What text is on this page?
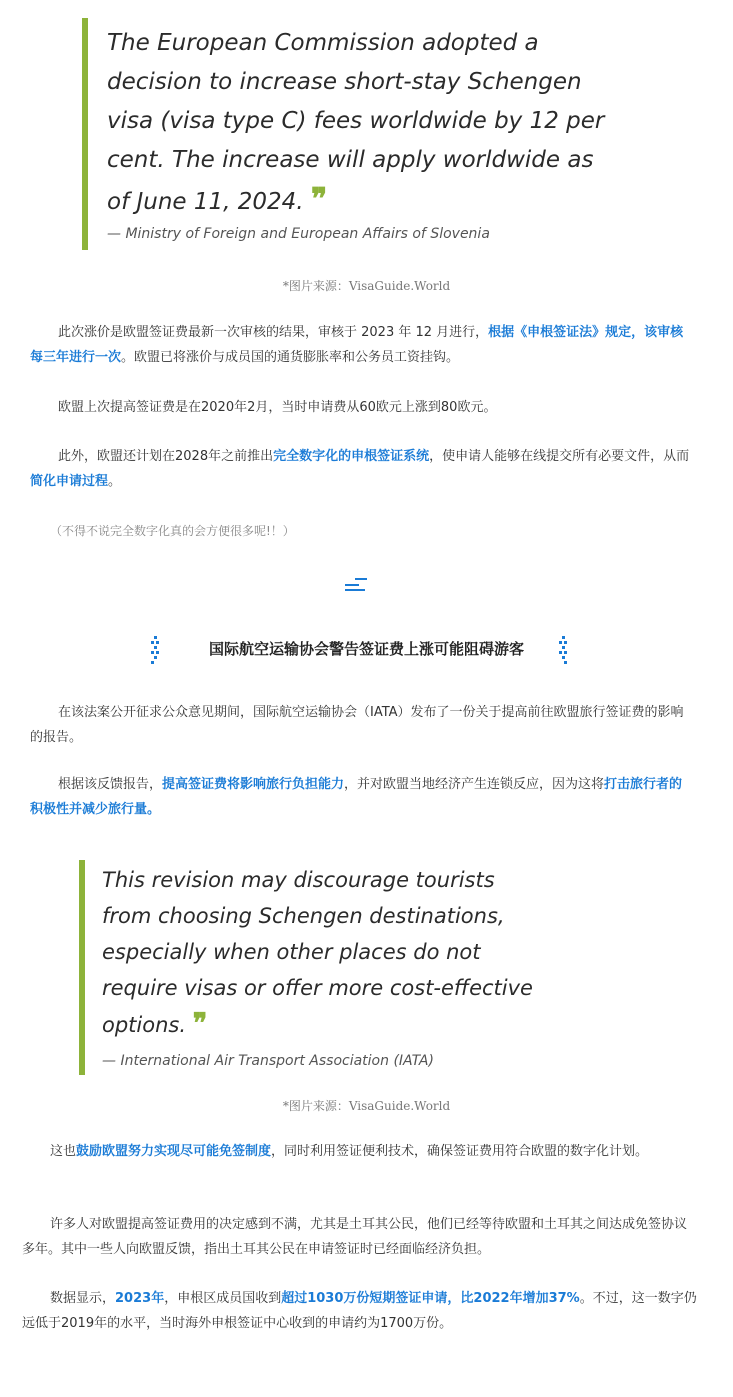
The European Commission adopted a
decision to increase short-stay Schengen
visa (visa type C) fees worldwide by 12 per
cent. The increase will apply worldwide as
of June 11, 2024. ❞
— Ministry of Foreign and European Affairs of Slovenia
*图片来源：VisaGuide.World
此次涨价是欧盟签证费最新一次审核的结果，审核于 2023 年 12 月进行，根据《申根签证法》规定，该审核每三年进行一次。欧盟已将涨价与成员国的通货膨胀率和公务员工资挂钩。
欧盟上次提高签证费是在2020年2月，当时申请费从60欧元上涨到80欧元。
此外，欧盟还计划在2028年之前推出完全数字化的申根签证系统，使申请人能够在线提交所有必要文件，从而简化申请过程。
（不得不说完全数字化真的会方便很多呢!！）
国际航空运输协会警告签证费上涨可能阻碍游客
在该法案公开征求公众意见期间，国际航空运输协会（IATA）发布了一份关于提高前往欧盟旅行签证费的影响的报告。
根据该反馈报告，提高签证费将影响旅行负担能力，并对欧盟当地经济产生连锁反应，因为这将打击旅行者的积极性并减少旅行量。
This revision may discourage tourists
from choosing Schengen destinations,
especially when other places do not
require visas or offer more cost-effective
options. ❞
— International Air Transport Association (IATA)
*图片来源：VisaGuide.World
这也鼓励欧盟努力实现尽可能免签制度，同时利用签证便利技术，确保签证费用符合欧盟的数字化计划。
许多人对欧盟提高签证费用的决定感到不满，尤其是土耳其公民，他们已经等待欧盟和土耳其之间达成免签协议多年。其中一些人向欧盟反馈，指出土耳其公民在申请签证时已经面临经济负担。
数据显示，2023年，申根区成员国收到超过1030万份短期签证申请，比2022年增加37%。不过，这一数字仍远低于2019年的水平，当时海外申根签证中心收到的申请约为1700万份。
